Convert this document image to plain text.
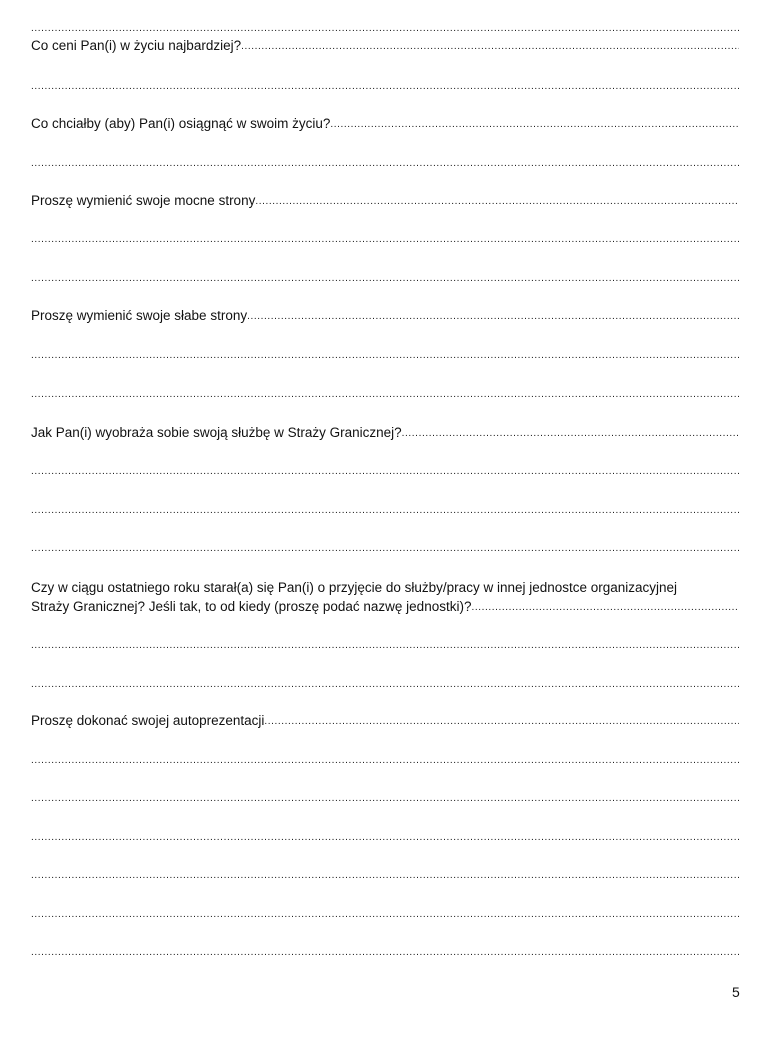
.....
Co ceni Pan(i) w życiu najbardziej?
.....
.....
Co chciałby (aby) Pan(i) osiągnąć w swoim życiu?
.....
.....
Proszę wymienić swoje mocne strony
.....
.....
.....
Proszę wymienić swoje słabe strony
.....
.....
.....
Jak Pan(i) wyobraża sobie swoją służbę w Straży Granicznej?
.....
.....
.....
.....
Czy w ciągu ostatniego roku starał(a) się Pan(i) o przyjęcie do służby/pracy w innej jednostce organizacyjnej
Straży Granicznej? Jeśli tak, to od kiedy (proszę podać nazwę jednostki)?
.....
.....
.....
Proszę dokonać swojej autoprezentacji
.....
.....
.....
.....
.....
.....
.....
5
